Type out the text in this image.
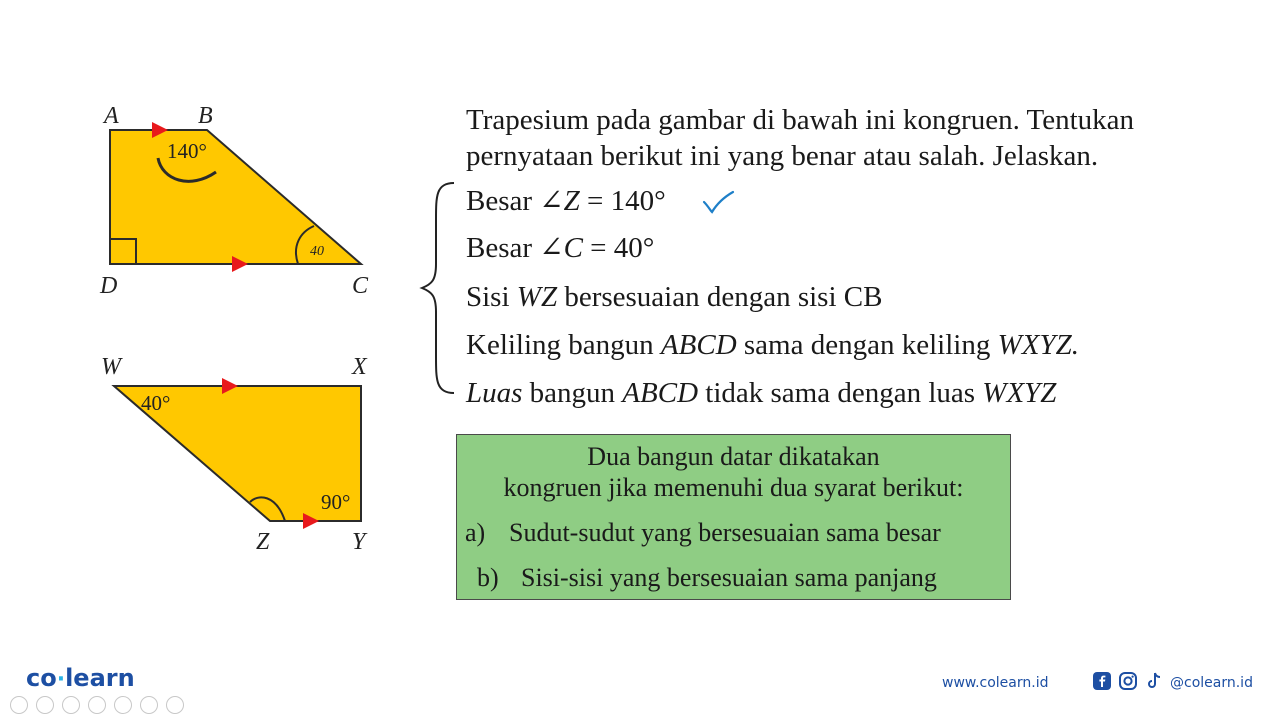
A	B
D	C
140°
40
W	X
Z	Y
40°
90°
Trapesium pada gambar di bawah ini kongruen. Tentukan
pernyataan berikut ini yang benar atau salah. Jelaskan.
Besar ∠Z = 140°
Besar ∠C = 40°
Sisi WZ bersesuaian dengan sisi CB
Keliling bangun ABCD sama dengan keliling WXYZ.
Luas bangun ABCD tidak sama dengan luas WXYZ
Dua bangun datar dikatakan
kongruen jika memenuhi dua syarat berikut:
a) Sudut-sudut yang bersesuaian sama besar
b) Sisi-sisi yang bersesuaian sama panjang
co·learn	www.colearn.id	@colearn.id
